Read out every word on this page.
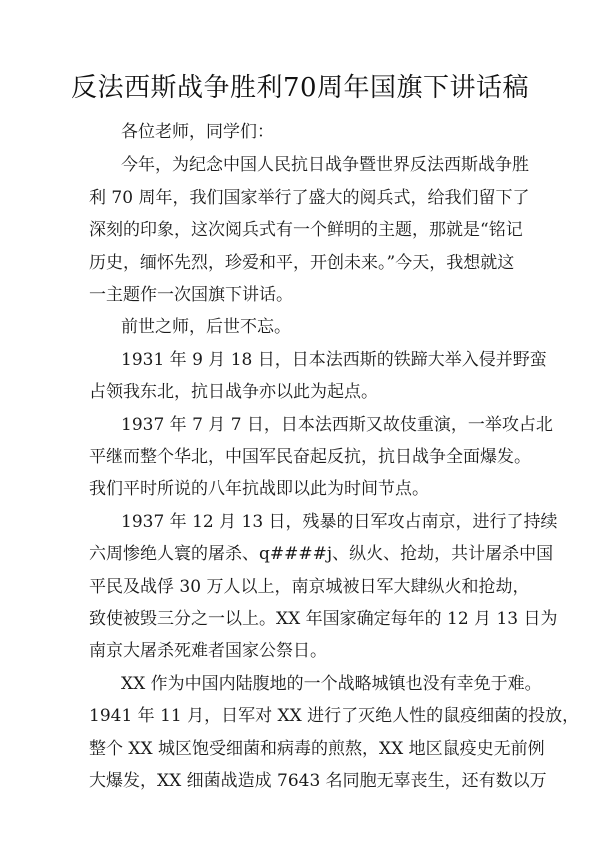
反法西斯战争胜利70周年国旗下讲话稿
各位老师，同学们：
今年，为纪念中国人民抗日战争暨世界反法西斯战争胜
利 70 周年，我们国家举行了盛大的阅兵式，给我们留下了
深刻的印象，这次阅兵式有一个鲜明的主题，那就是“铭记
历史，缅怀先烈，珍爱和平，开创未来。”今天，我想就这
一主题作一次国旗下讲话。
前世之师，后世不忘。
1931 年 9 月 18 日，日本法西斯的铁蹄大举入侵并野蛮
占领我东北，抗日战争亦以此为起点。
1937 年 7 月 7 日，日本法西斯又故伎重演，一举攻占北
平继而整个华北，中国军民奋起反抗，抗日战争全面爆发。
我们平时所说的八年抗战即以此为时间节点。
1937 年 12 月 13 日，残暴的日军攻占南京，进行了持续
六周惨绝人寰的屠杀、q####j、纵火、抢劫，共计屠杀中国
平民及战俘 30 万人以上，南京城被日军大肆纵火和抢劫，
致使被毁三分之一以上。XX 年国家确定每年的 12 月 13 日为
南京大屠杀死难者国家公祭日。
XX 作为中国内陆腹地的一个战略城镇也没有幸免于难。
1941 年 11 月，日军对 XX 进行了灭绝人性的鼠疫细菌的投放，
整个 XX 城区饱受细菌和病毒的煎熬，XX 地区鼠疫史无前例
大爆发，XX 细菌战造成 7643 名同胞无辜丧生，还有数以万
